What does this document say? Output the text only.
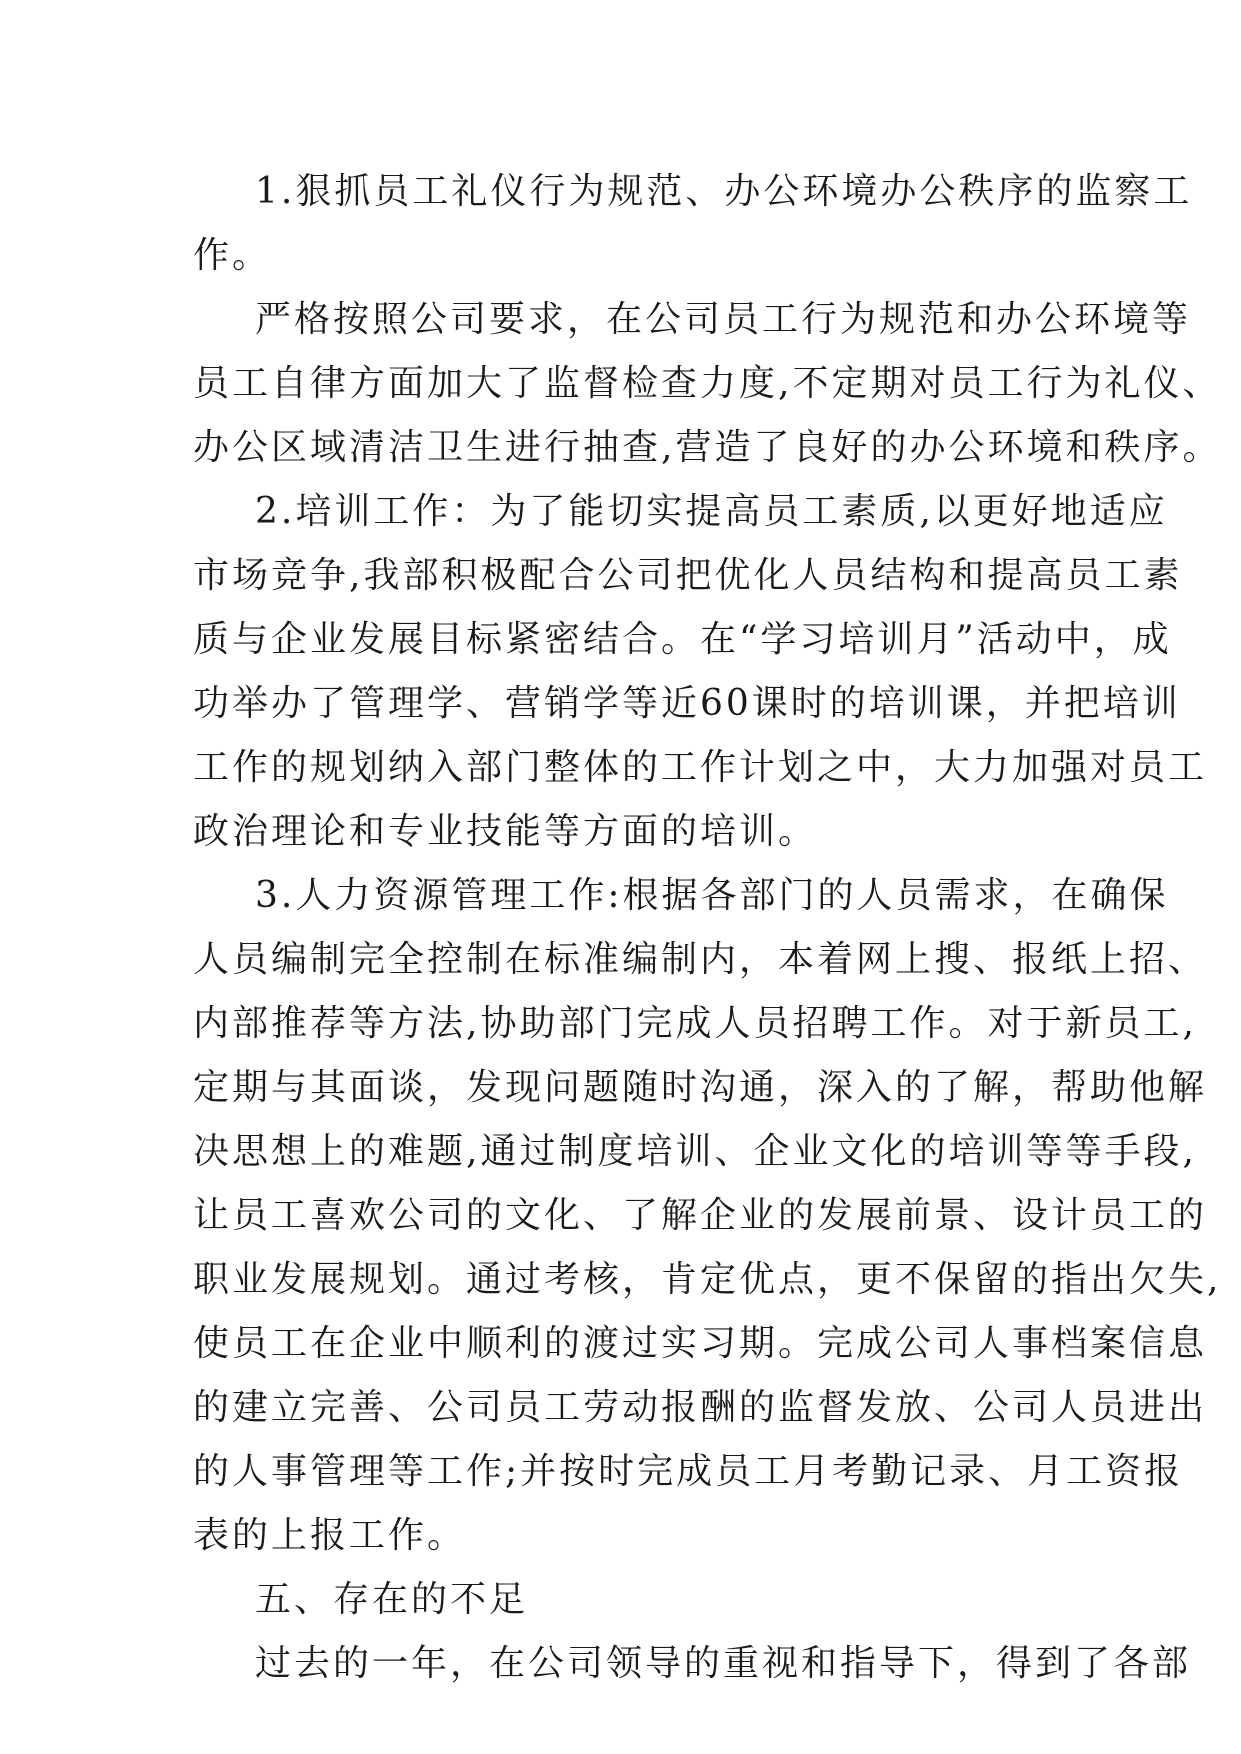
1.狠抓员工礼仪行为规范、办公环境办公秩序的监察工
作。
严格按照公司要求，在公司员工行为规范和办公环境等
员工自律方面加大了监督检查力度,不定期对员工行为礼仪、
办公区域清洁卫生进行抽查,营造了良好的办公环境和秩序。
2.培训工作：为了能切实提高员工素质,以更好地适应
市场竞争,我部积极配合公司把优化人员结构和提高员工素
质与企业发展目标紧密结合。在“学习培训月”活动中，成
功举办了管理学、营销学等近60课时的培训课，并把培训
工作的规划纳入部门整体的工作计划之中，大力加强对员工
政治理论和专业技能等方面的培训。
3.人力资源管理工作:根据各部门的人员需求，在确保
人员编制完全控制在标准编制内，本着网上搜、报纸上招、
内部推荐等方法,协助部门完成人员招聘工作。对于新员工,
定期与其面谈，发现问题随时沟通，深入的了解，帮助他解
决思想上的难题,通过制度培训、企业文化的培训等等手段,
让员工喜欢公司的文化、了解企业的发展前景、设计员工的
职业发展规划。通过考核，肯定优点，更不保留的指出欠失,
使员工在企业中顺利的渡过实习期。完成公司人事档案信息
的建立完善、公司员工劳动报酬的监督发放、公司人员进出
的人事管理等工作;并按时完成员工月考勤记录、月工资报
表的上报工作。
五、存在的不足
过去的一年，在公司领导的重视和指导下，得到了各部
